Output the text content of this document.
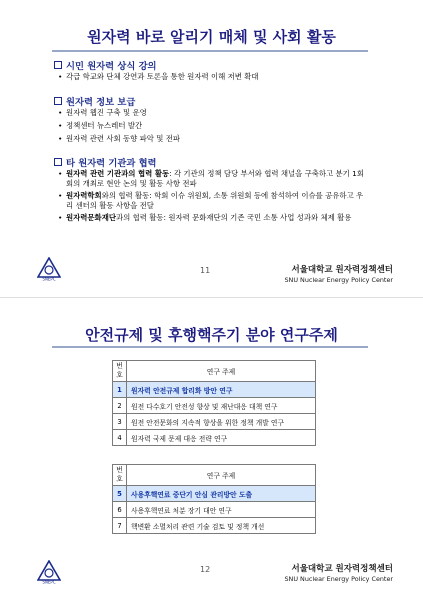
원자력 바로 알리기 매체 및 사회 활동
시민 원자력 상식 강의
• 각급 학교와 단체 강연과 토론을 통한 원자력 이해 저변 확대
원자력 정보 보급
• 원자력 웹진 구축 및 운영
• 정책센터 뉴스레터 발간
• 원자력 관련 사회 동향 파악 및 전파
타 원자력 기관과 협력
• 원자력 관련 기관과의 협력 활동: 각 기관의 정책 담당 부서와 협력 채널을 구축하고 분기 1회 회의 개최로 현안 논의 및 활동 사항 전파
• 원자력학회와의 협력 활동: 학회 이슈 위원회, 소통 위원회 등에 참석하여 이슈를 공유하고 우리 센터의 활동 사항을 전달
• 원자력문화재단과의 협력 활동: 원자력 문화재단의 기존 국민 소통 사업 성과와 체제 활용
SNEPC
11	서울대학교 원자력정책센터
SNU Nuclear Energy Policy Center
안전규제 및 후행핵주기 분야 연구주제
번호	연구 주제
1	원자력 안전규제 합리화 방안 연구
2	원전 다수호기 안전성 향상 및 재난대응 대책 연구
3	원전 안전문화의 지속적 향상을 위한 정책 개발 연구
4	원자력 국제 문제 대응 전략 연구
번호	연구 주제
5	사용후핵연료 중단기 안심 관리방안 도출
6	사용후핵연료 처분 장기 대안 연구
7	핵변환 소멸처리 관련 기술 검토 및 정책 개선
SNEPC
12	서울대학교 원자력정책센터
SNU Nuclear Energy Policy Center
